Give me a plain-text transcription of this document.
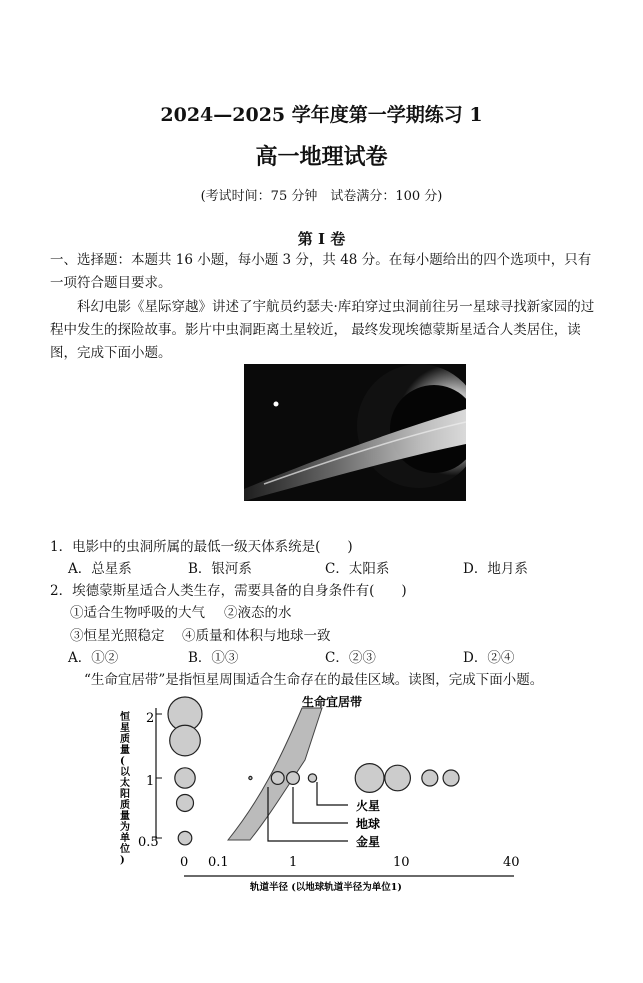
2024—2025 学年度第一学期练习 1
高一地理试卷
(考试时间：75 分钟　试卷满分：100 分)
第 I 卷
一、选择题：本题共 16 小题，每小题 3 分，共 48 分。在每小题给出的四个选项中，只有一项符合题目要求。
科幻电影《星际穿越》讲述了宇航员约瑟夫·库珀穿过虫洞前往另一星球寻找新家园的过程中发生的探险故事。影片中虫洞距离土星较近， 最终发现埃德蒙斯星适合人类居住，读图，完成下面小题。
1．电影中的虫洞所属的最低一级天体系统是(　　)
A．总星系	B．银河系	C．太阳系	D．地月系
2．埃德蒙斯星适合人类生存，需要具备的自身条件有(　　)
①适合生物呼吸的大气 ②液态的水
③恒星光照稳定 ④质量和体积与地球一致
A．①②	B．①③	C．②③	D．②④
“生命宜居带”是指恒星周围适合生命存在的最佳区域。读图，完成下面小题。
恒
星
质
量
(
以
太
阳
质
量
为
单
位
)
2
1
0.5
生命宜居带
火星
地球
金星
0 0.1	1	10	40
轨道半径 (以地球轨道半径为单位1)
